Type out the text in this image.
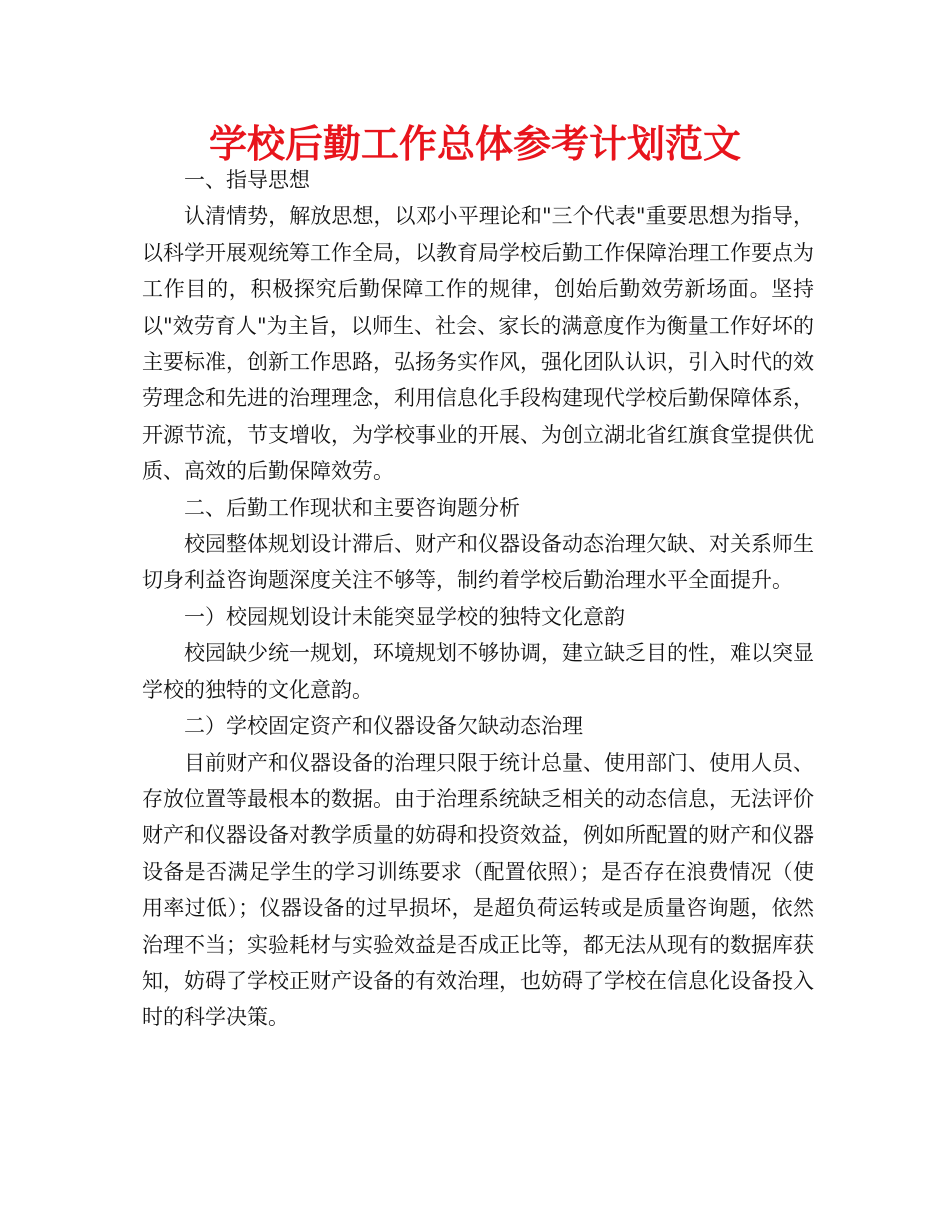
学校后勤工作总体参考计划范文

一、指导思想

认清情势，解放思想，以邓小平理论和"三个代表"重要思想为指导，以科学开展观统筹工作全局，以教育局学校后勤工作保障治理工作要点为工作目的，积极探究后勤保障工作的规律，创始后勤效劳新场面。坚持以"效劳育人"为主旨，以师生、社会、家长的满意度作为衡量工作好坏的主要标准，创新工作思路，弘扬务实作风，强化团队认识，引入时代的效劳理念和先进的治理理念，利用信息化手段构建现代学校后勤保障体系，开源节流，节支增收，为学校事业的开展、为创立湖北省红旗食堂提供优质、高效的后勤保障效劳。

二、后勤工作现状和主要咨询题分析

校园整体规划设计滞后、财产和仪器设备动态治理欠缺、对关系师生切身利益咨询题深度关注不够等，制约着学校后勤治理水平全面提升。

一）校园规划设计未能突显学校的独特文化意韵

校园缺少统一规划，环境规划不够协调，建立缺乏目的性，难以突显学校的独特的文化意韵。

二）学校固定资产和仪器设备欠缺动态治理

目前财产和仪器设备的治理只限于统计总量、使用部门、使用人员、存放位置等最根本的数据。由于治理系统缺乏相关的动态信息，无法评价财产和仪器设备对教学质量的妨碍和投资效益，例如所配置的财产和仪器设备是否满足学生的学习训练要求（配置依照）；是否存在浪费情况（使用率过低）；仪器设备的过早损坏，是超负荷运转或是质量咨询题，依然治理不当；实验耗材与实验效益是否成正比等，都无法从现有的数据库获知，妨碍了学校正财产设备的有效治理，也妨碍了学校在信息化设备投入时的科学决策。
